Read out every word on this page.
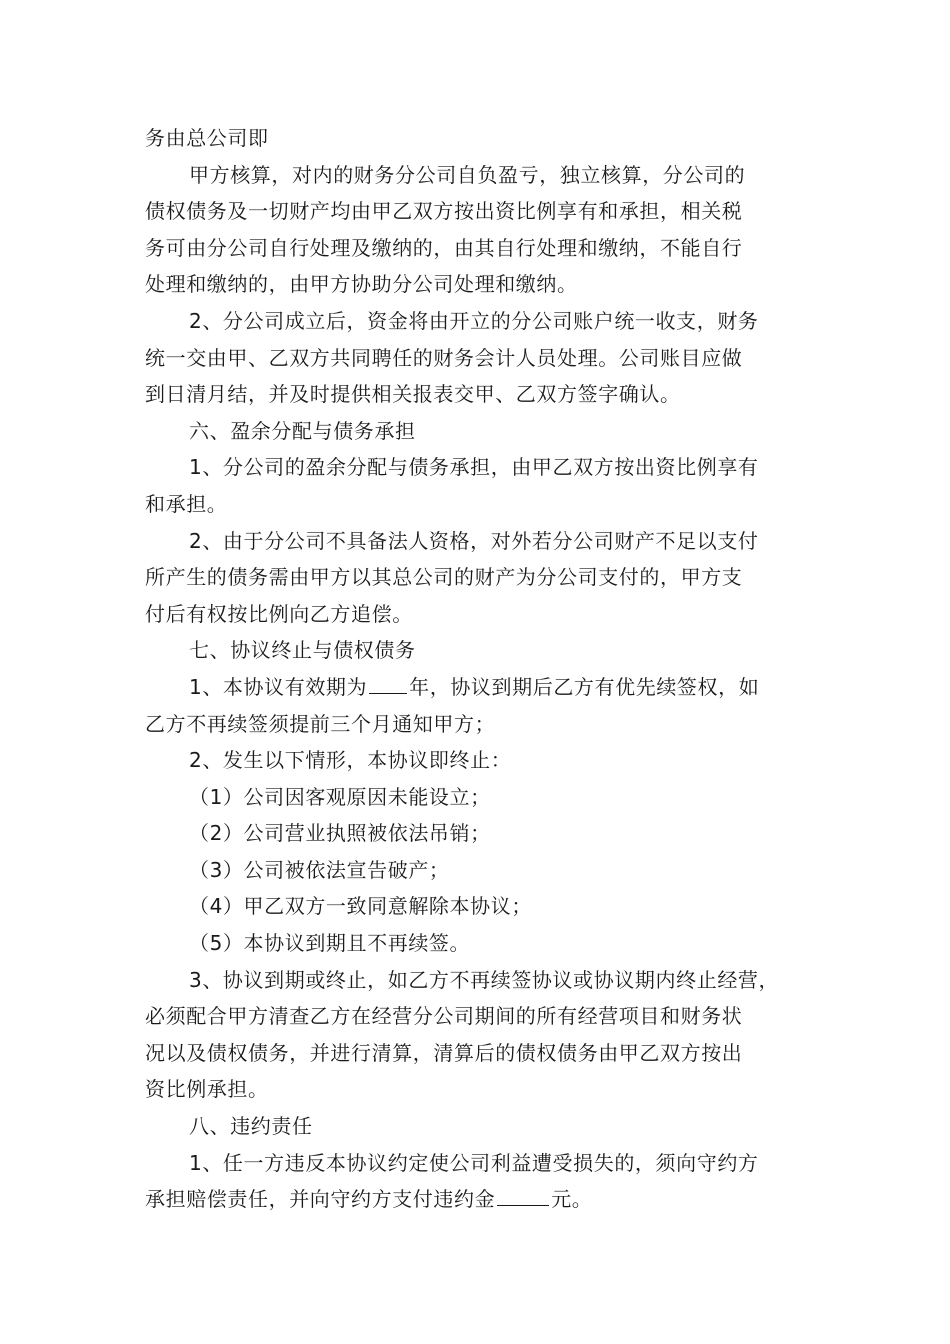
务由总公司即
甲方核算，对内的财务分公司自负盈亏，独立核算，分公司的
债权债务及一切财产均由甲乙双方按出资比例享有和承担，相关税
务可由分公司自行处理及缴纳的，由其自行处理和缴纳，不能自行
处理和缴纳的，由甲方协助分公司处理和缴纳。
2、分公司成立后，资金将由开立的分公司账户统一收支，财务
统一交由甲、乙双方共同聘任的财务会计人员处理。公司账目应做
到日清月结，并及时提供相关报表交甲、乙双方签字确认。
六、盈余分配与债务承担
1、分公司的盈余分配与债务承担，由甲乙双方按出资比例享有
和承担。
2、由于分公司不具备法人资格，对外若分公司财产不足以支付
所产生的债务需由甲方以其总公司的财产为分公司支付的，甲方支
付后有权按比例向乙方追偿。
七、协议终止与债权债务
1、本协议有效期为 年，协议到期后乙方有优先续签权，如
乙方不再续签须提前三个月通知甲方；
2、发生以下情形，本协议即终止：
（1）公司因客观原因未能设立；
（2）公司营业执照被依法吊销；
（3）公司被依法宣告破产；
（4）甲乙双方一致同意解除本协议；
（5）本协议到期且不再续签。
3、协议到期或终止，如乙方不再续签协议或协议期内终止经营，
必须配合甲方清查乙方在经营分公司期间的所有经营项目和财务状
况以及债权债务，并进行清算，清算后的债权债务由甲乙双方按出
资比例承担。
八、违约责任
1、任一方违反本协议约定使公司利益遭受损失的，须向守约方
承担赔偿责任，并向守约方支付违约金	元。
